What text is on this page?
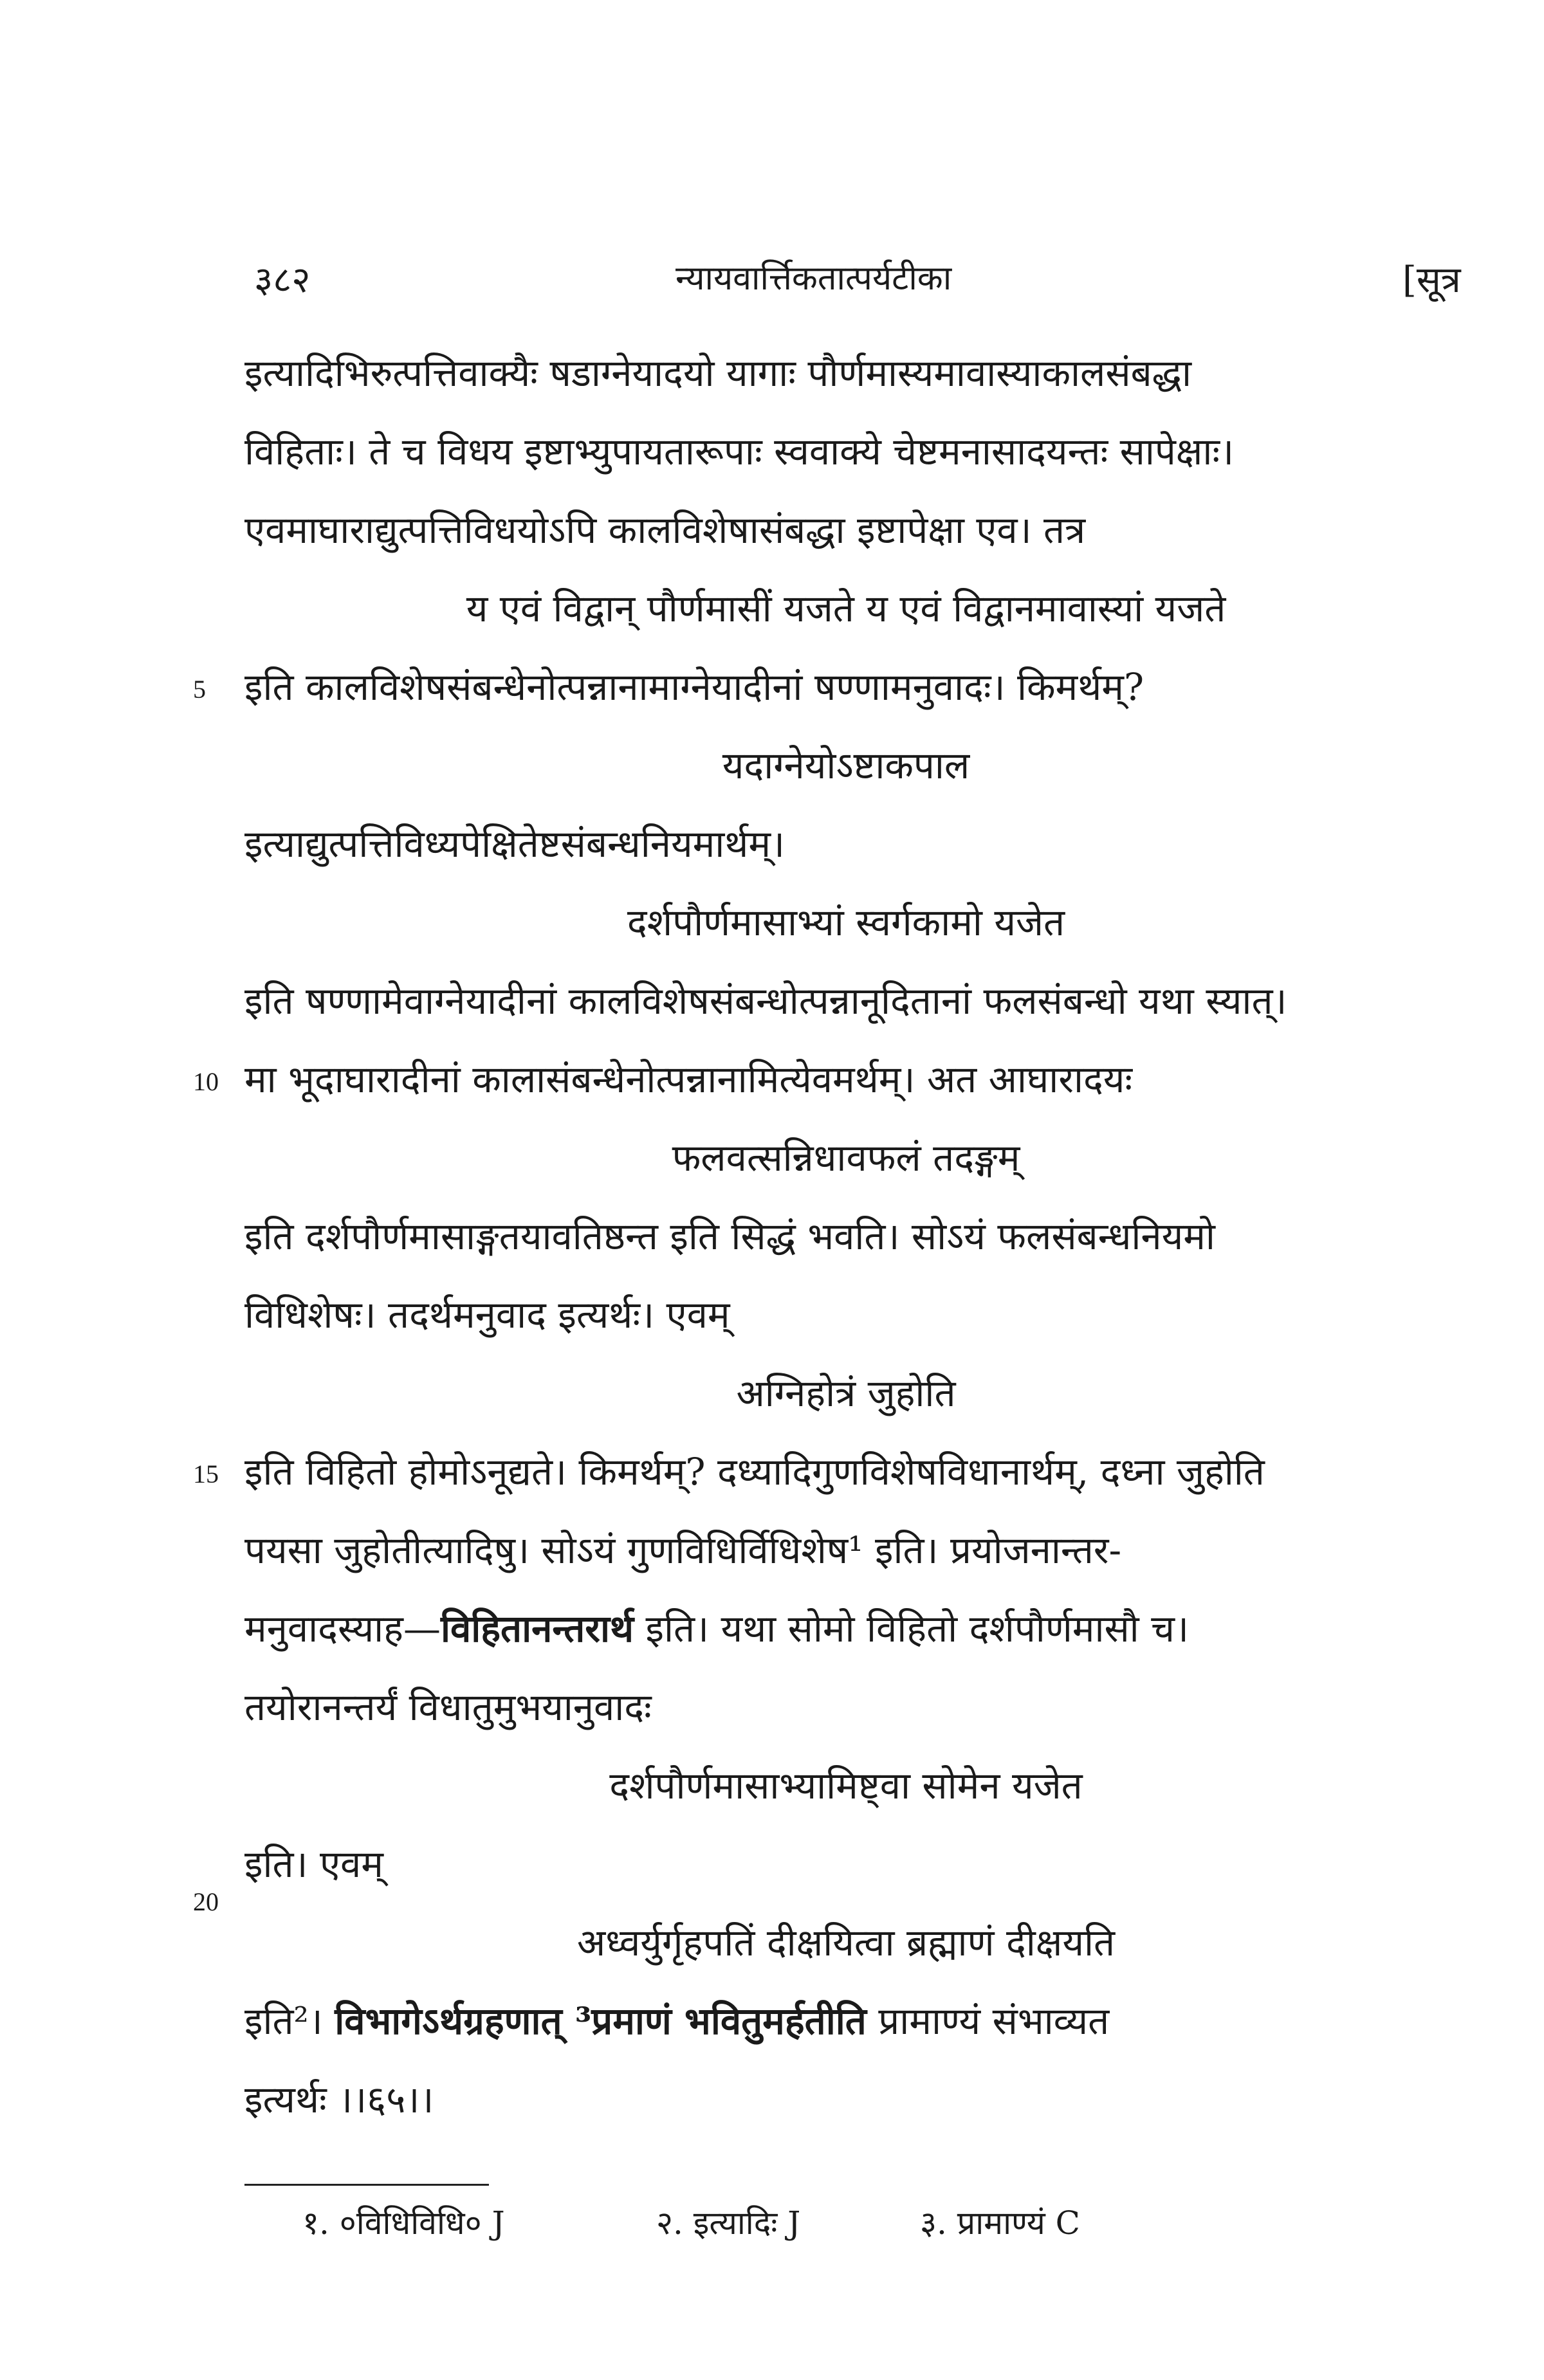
३८२	न्यायवार्त्तिकतात्पर्यटीका	[सूत्र
इत्यादिभिरुत्पत्तिवाक्यैः षडाग्नेयादयो यागाः पौर्णमास्यमावास्याकालसंबद्धा
विहिताः। ते च विधय इष्टाभ्युपायतारूपाः स्ववाक्ये चेष्टमनासादयन्तः सापेक्षाः।
एवमाघाराद्युत्पत्तिविधयोऽपि कालविशेषासंबद्धा इष्टापेक्षा एव। तत्र
य एवं विद्वान् पौर्णमासीं यजते य एवं विद्वानमावास्यां यजते
इति कालविशेषसंबन्धेनोत्पन्नानामाग्नेयादीनां षण्णामनुवादः। किमर्थम्?
5
यदाग्नेयोऽष्टाकपाल
इत्याद्युत्पत्तिविध्यपेक्षितेष्टसंबन्धनियमार्थम्।
दर्शपौर्णमासाभ्यां स्वर्गकामो यजेत
इति षण्णामेवाग्नेयादीनां कालविशेषसंबन्धोत्पन्नानूदितानां फलसंबन्धो यथा स्यात्।
मा भूदाघारादीनां कालासंबन्धेनोत्पन्नानामित्येवमर्थम्। अत आघारादयः
10
फलवत्सन्निधावफलं तदङ्गम्
इति दर्शपौर्णमासाङ्गतयावतिष्ठन्त इति सिद्धं भवति। सोऽयं फलसंबन्धनियमो
विधिशेषः। तदर्थमनुवाद इत्यर्थः। एवम्
अग्निहोत्रं जुहोति
इति विहितो होमोऽनूद्यते। किमर्थम्? दध्यादिगुणविशेषविधानार्थम्, दध्ना जुहोति
15
पयसा जुहोतीत्यादिषु। सोऽयं गुणविधिर्विधिशेष¹ इति। प्रयोजनान्तर-
मनुवादस्याह—विहितानन्तरार्थ इति। यथा सोमो विहितो दर्शपौर्णमासौ च।
तयोरानन्तर्यं विधातुमुभयानुवादः
दर्शपौर्णमासाभ्यामिष्ट्वा सोमेन यजेत
इति। एवम्
20
अध्वर्युर्गृहपतिं दीक्षयित्वा ब्रह्माणं दीक्षयति
इति²। विभागेऽर्थग्रहणात् ³प्रमाणं भवितुमर्हतीति प्रामाण्यं संभाव्यत
इत्यर्थः ।।६५।।
१. ०विधिविधि० J	२. इत्यादिः J	३. प्रामाण्यं C
